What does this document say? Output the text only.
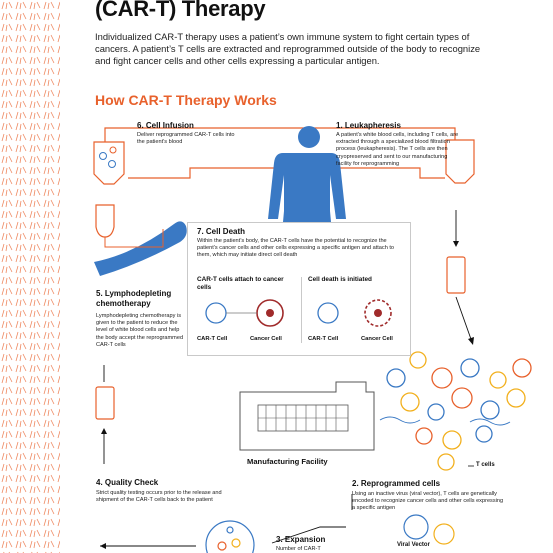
(CAR-T) Therapy
Individualized CAR-T therapy uses a patient’s own immune system to fight certain types of cancers. A patient’s T cells are extracted and reprogrammed outside of the body to recognize and fight cancer cells and other cells expressing a particular antigen.
How CAR-T Therapy Works
6. Cell Infusion
Deliver reprogrammed CAR-T cells into the patient’s blood
1. Leukapheresis
A patient’s white blood cells, including T cells, are extracted through a specialized blood filtration process (leukapheresis). The T cells are then cryopreserved and sent to our manufacturing facility for reprogramming
7. Cell Death
Within the patient’s body, the CAR-T cells have the potential to recognize the patient’s cancer cells and other cells expressing a specific antigen and attach to them, which may initiate direct cell death
CAR-T cells attach to cancer cells
Cell death is initiated
CAR-T Cell	Cancer Cell	CAR-T Cell	Cancer Cell
5. Lymphodepleting
chemotherapy
Lymphodepleting chemotherapy is given to the patient to reduce the level of white blood cells and help the body accept the reprogrammed CAR-T cells
Manufacturing Facility	T cells
4. Quality Check
Strict quality testing occurs prior to the release and shipment of the CAR-T cells back to the patient
2. Reprogrammed cells
Using an inactive virus (viral vector), T cells are genetically encoded to recognize cancer cells and other cells expressing a specific antigen
3. Expansion
Number of CAR-T
Viral Vector
